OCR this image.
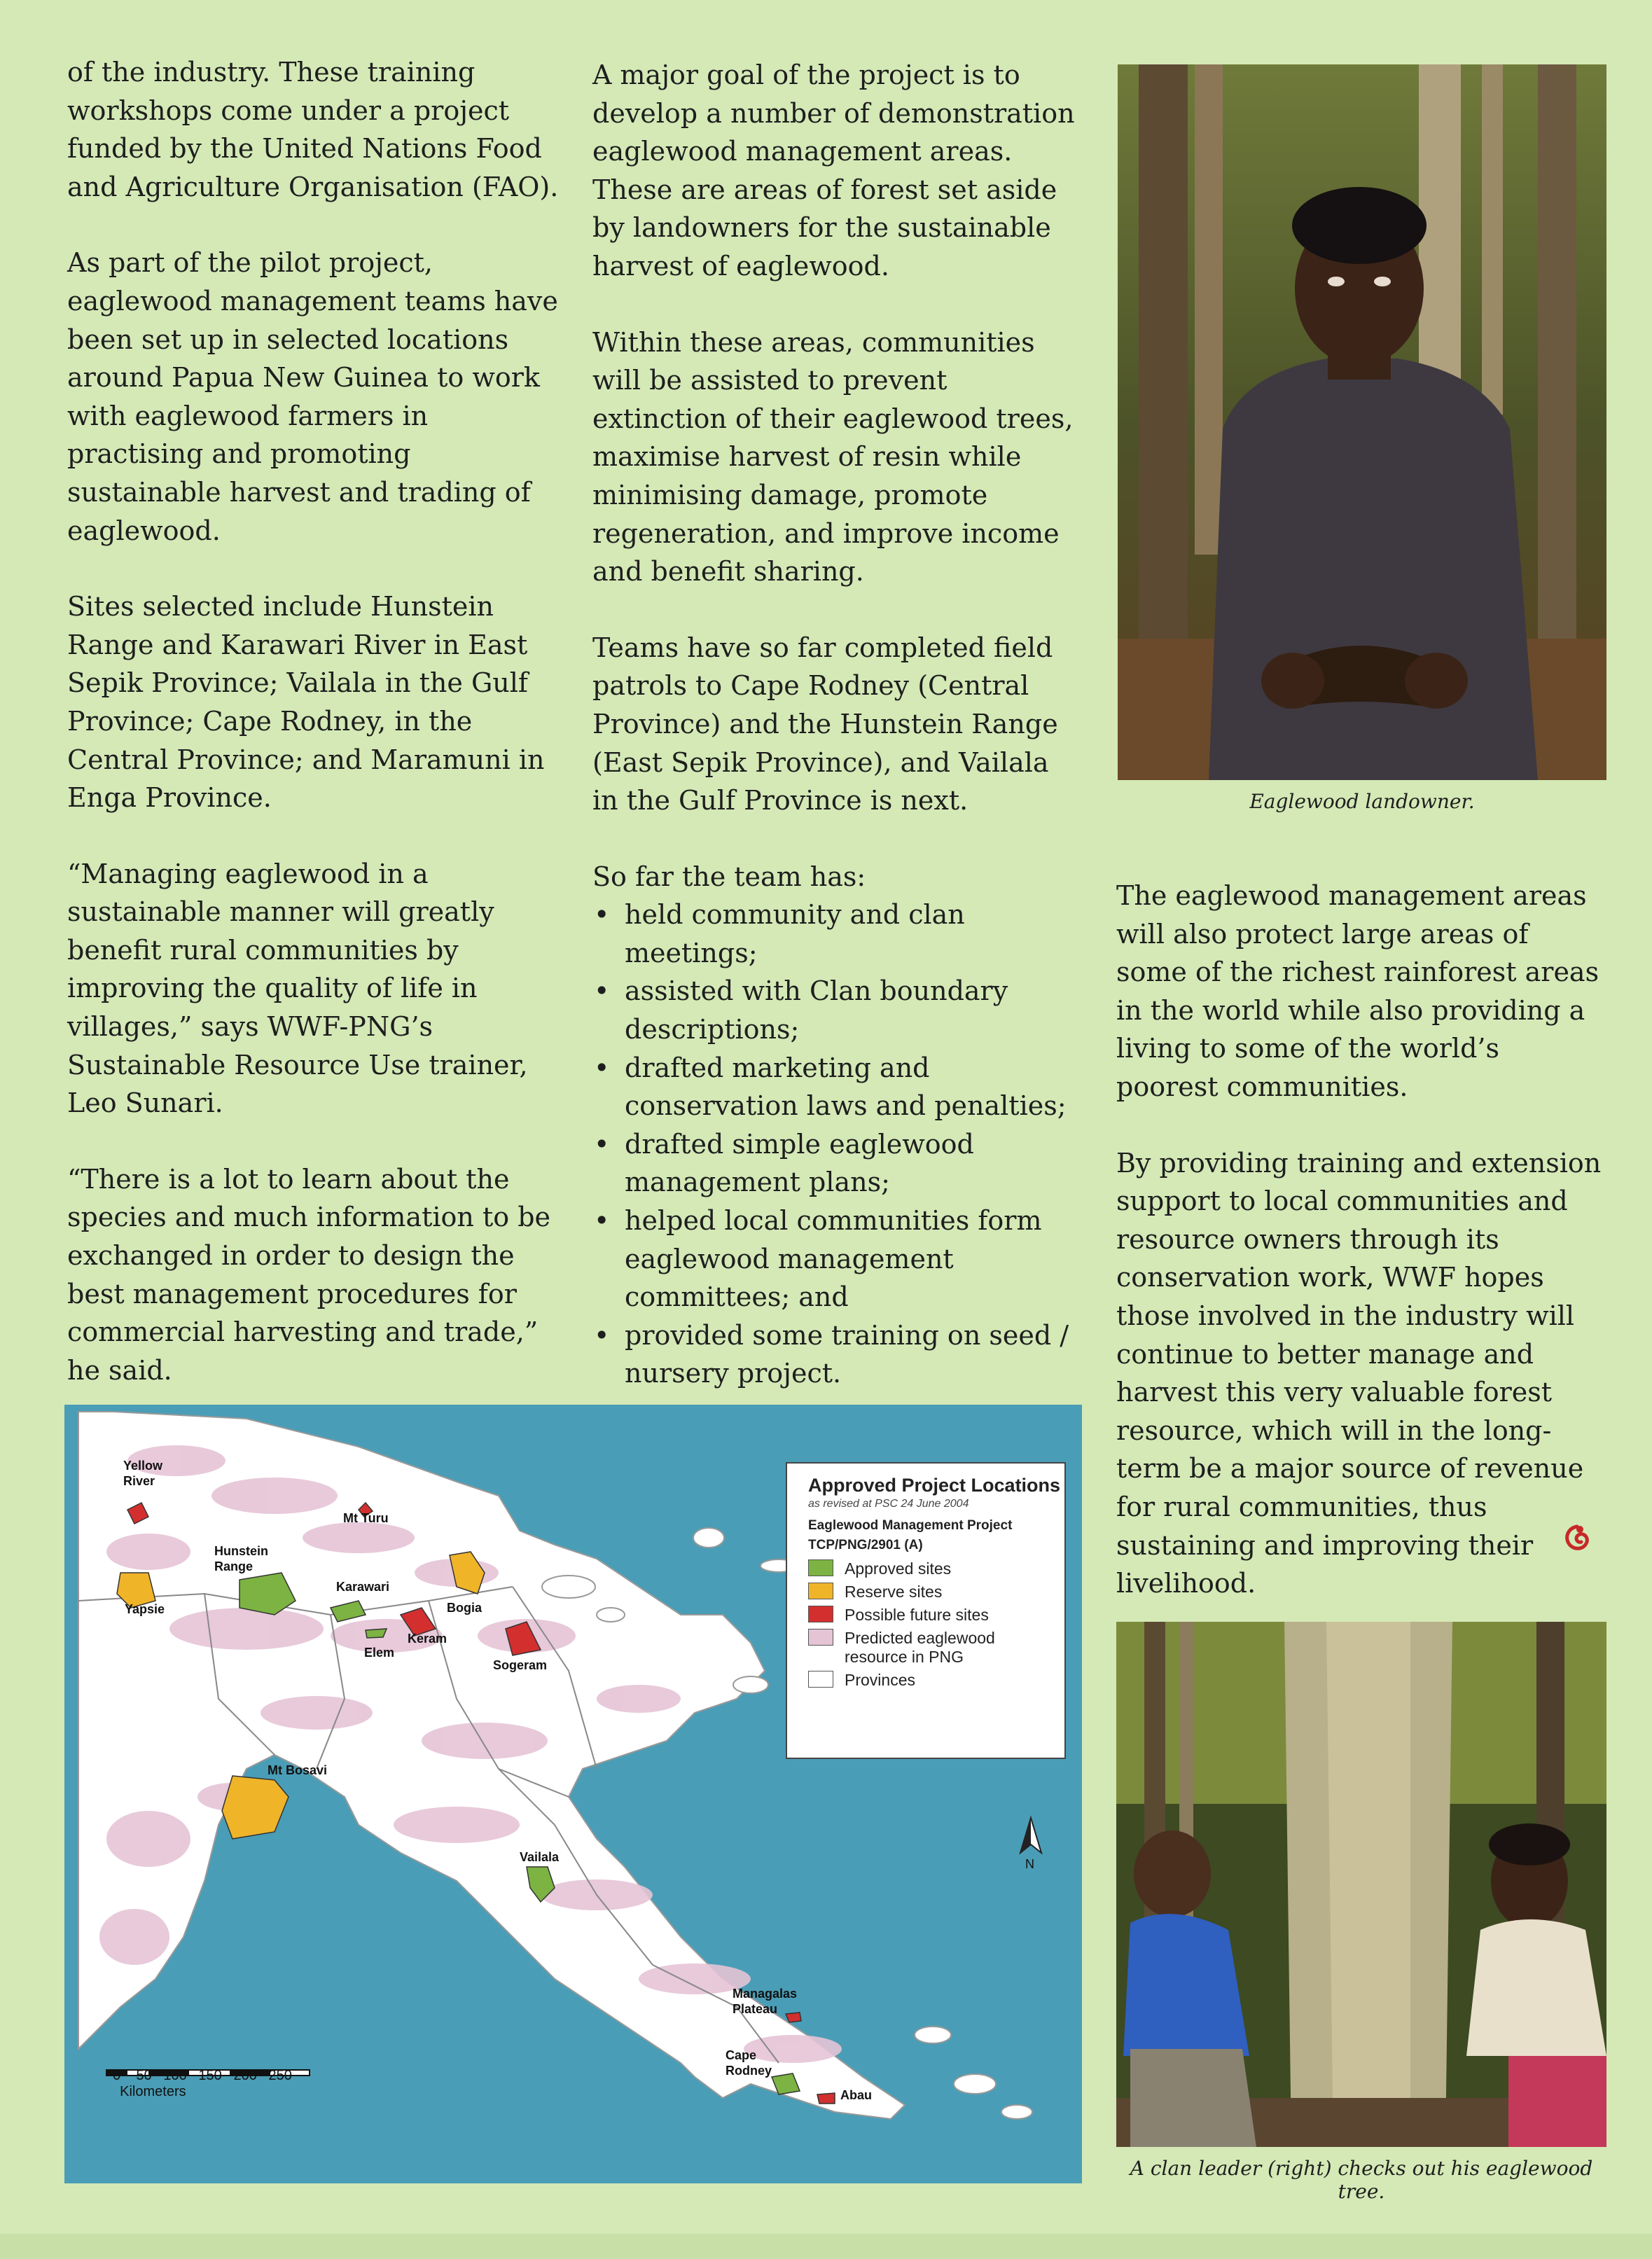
of the industry. These training workshops come under a project funded by the United Nations Food and Agriculture Organisation (FAO).

As part of the pilot project, eaglewood management teams have been set up in selected locations around Papua New Guinea to work with eaglewood farmers in practising and promoting sustainable harvest and trading of eaglewood.

Sites selected include Hunstein Range and Karawari River in East Sepik Province; Vailala in the Gulf Province; Cape Rodney, in the Central Province; and Maramuni in Enga Province.

“Managing eaglewood in a sustainable manner will greatly benefit rural communities by improving the quality of life in villages,” says WWF-PNG’s Sustainable Resource Use trainer, Leo Sunari.

“There is a lot to learn about the species and much information to be exchanged in order to design the best management procedures for commercial harvesting and trade,” he said.

A major goal of the project is to develop a number of demonstration eaglewood management areas. These are areas of forest set aside by landowners for the sustainable harvest of eaglewood.

Within these areas, communities will be assisted to prevent extinction of their eaglewood trees, maximise harvest of resin while minimising damage, promote regeneration, and improve income and benefit sharing.

Teams have so far completed field patrols to Cape Rodney (Central Province) and the Hunstein Range (East Sepik Province), and Vailala in the Gulf Province is next.

So far the team has:

• held community and clan meetings;
• assisted with Clan boundary descriptions;
• drafted marketing and conservation laws and penalties;
• drafted simple eaglewood management plans;
• helped local communities form eaglewood management committees; and
• provided some training on seed / nursery project.

The eaglewood management areas will also protect large areas of some of the richest rainforest areas in the world while also providing a living to some of the world’s poorest communities.

By providing training and extension support to local communities and resource owners through its conservation work, WWF hopes those involved in the industry will continue to better manage and harvest this very valuable forest resource, which will in the long-term be a major source of revenue for rural communities, thus sustaining and improving their livelihood.

Eaglewood landowner.
A clan leader (right) checks out his eaglewood tree.
Yellow River
Mt Turu
Hunstein Range
Karawari
Yapsie	Bogia
Keram
Elem
Sogeram
Mt Bosavi
Vailala
Managalas Plateau
Cape Rodney
Abau
N

0    50   100   150   200   250
Kilometers

Approved Project Locations
as revised at PSC 24 June 2004
Eaglewood Management Project TCP/PNG/2901 (A)
Approved sites
Reserve sites
Possible future sites
Predicted eaglewood resource in PNG
Provinces
